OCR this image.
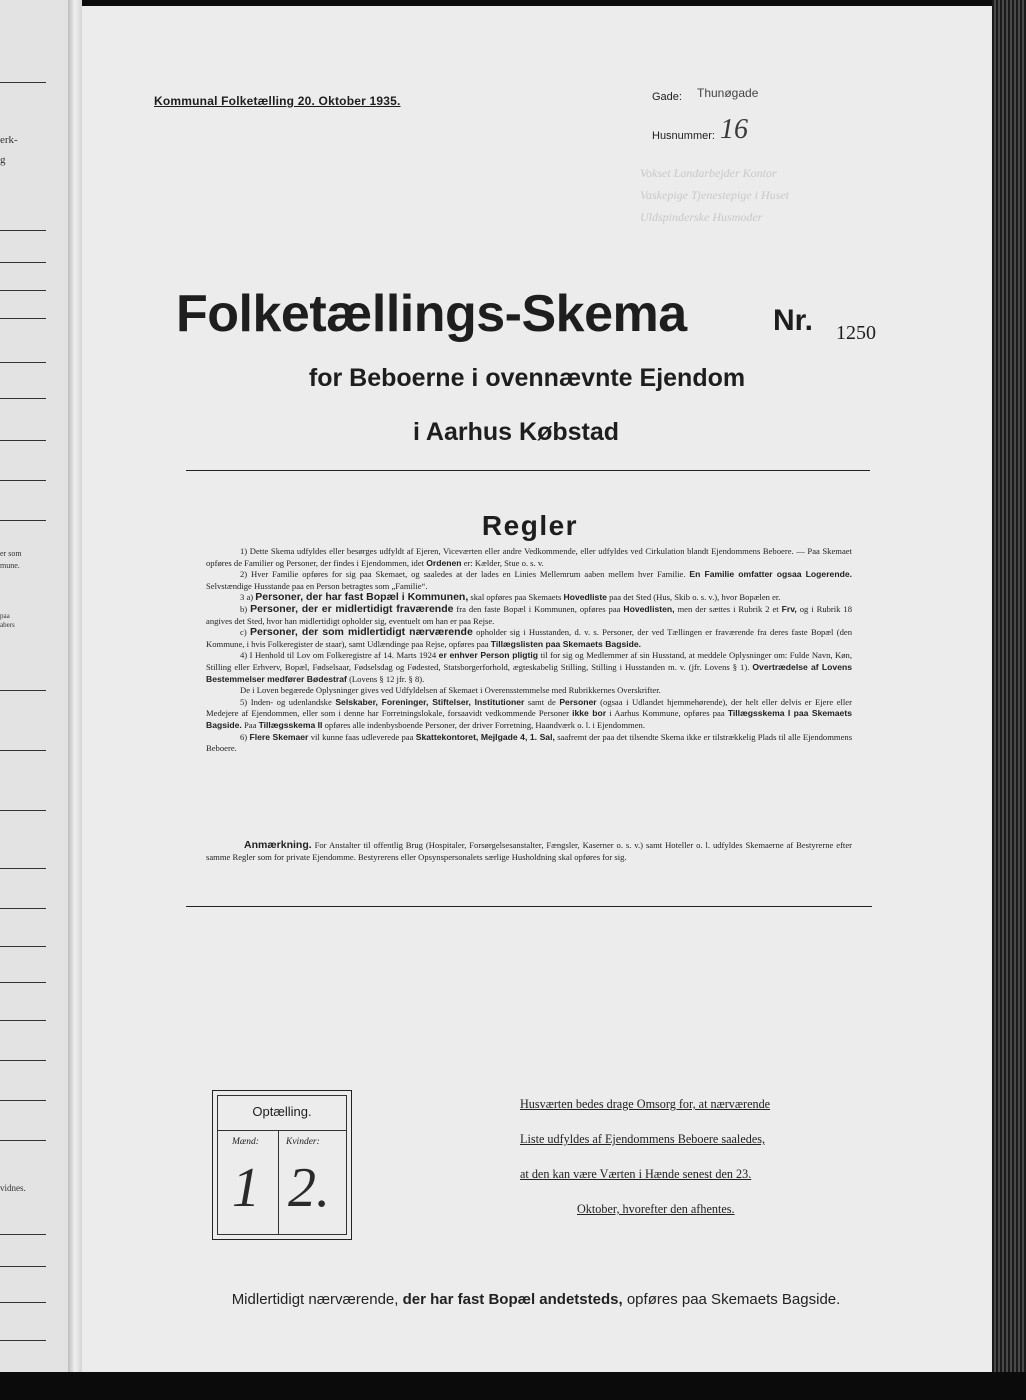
erk-
g
er som
mune.
paa
abers
vidnes.
Kommunal Folketælling 20. Oktober 1935.	Gade: Thunøgade
Husnummer: 16
Vokset Landarbejder Kontor
Vaskepige Tjenestepige i Huset
Uldspinderske Husmoder
Folketællings-Skema	Nr. 1250
for Beboerne i ovennævnte Ejendom
i Aarhus Købstad
Regler

1) Dette Skema udfyldes eller besørges udfyldt af Ejeren, Viceværten eller andre Vedkommende, eller udfyldes ved Cirkulation blandt Ejendommens Beboere. — Paa Skemaet opføres de Familier og Personer, der findes i Ejendommen, idet Ordenen er: Kælder, Stue o. s. v.

2) Hver Familie opføres for sig paa Skemaet, og saaledes at der lades en Linies Mellemrum aaben mellem hver Familie. En Familie omfatter ogsaa Logerende. Selvstændige Husstande paa en Person betragtes som „Familie“.

3 a) Personer, der har fast Bopæl i Kommunen, skal opføres paa Skemaets Hovedliste paa det Sted (Hus, Skib o. s. v.), hvor Bopælen er.

b) Personer, der er midlertidigt fraværende fra den faste Bopæl i Kommunen, opføres paa Hovedlisten, men der sættes i Rubrik 2 et Frv, og i Rubrik 18 angives det Sted, hvor han midlertidigt opholder sig, eventuelt om han er paa Rejse.

c) Personer, der som midlertidigt nærværende opholder sig i Husstanden, d. v. s. Personer, der ved Tællingen er fraværende fra deres faste Bopæl (den Kommune, i hvis Folkeregister de staar), samt Udlændinge paa Rejse, opføres paa Tillægslisten paa Skemaets Bagside.

4) I Henhold til Lov om Folkeregistre af 14. Marts 1924 er enhver Person pligtig til for sig og Medlemmer af sin Husstand, at meddele Oplysninger om: Fulde Navn, Køn, Stilling eller Erhverv, Bopæl, Fødselsaar, Fødselsdag og Fødested, Statsborgerforhold, ægteskabelig Stilling, Stilling i Husstanden m. v. (jfr. Lovens § 1). Overtrædelse af Lovens Bestemmelser medfører Bødestraf (Lovens § 12 jfr. § 8).

De i Loven begærede Oplysninger gives ved Udfyldelsen af Skemaet i Overensstemmelse med Rubrikkernes Overskrifter.

5) Inden- og udenlandske Selskaber, Foreninger, Stiftelser, Institutioner samt de Personer (ogsaa i Udlandet hjemmehørende), der helt eller delvis er Ejere eller Medejere af Ejendommen, eller som i denne har Forretningslokale, forsaavidt vedkommende Personer ikke bor i Aarhus Kommune, opføres paa Tillægsskema I paa Skemaets Bagside. Paa Tillægsskema II opføres alle indenbysboende Personer, der driver Forretning, Haandværk o. l. i Ejendommen.

6) Flere Skemaer vil kunne faas udleverede paa Skattekontoret, Mejlgade 4, 1. Sal, saafremt der paa det tilsendte Skema ikke er tilstrækkelig Plads til alle Ejendommens Beboere.

Anmærkning. For Anstalter til offentlig Brug (Hospitaler, Forsørgelsesanstalter, Fængsler, Kaserner o. s. v.) samt Hoteller o. l. udfyldes Skemaerne af Bestyrerne efter samme Regler som for private Ejendomme. Bestyrerens eller Opsynspersonalets særlige Husholdning skal opføres for sig.
Optælling.
Mænd:	Kvinder:
1 2.
Husværten bedes drage Omsorg for, at nærværende
Liste udfyldes af Ejendommens Beboere saaledes,
at den kan være Værten i Hænde senest den 23.
Oktober, hvorefter den afhentes.
Midlertidigt nærværende, der har fast Bopæl andetsteds, opføres paa Skemaets Bagside.
